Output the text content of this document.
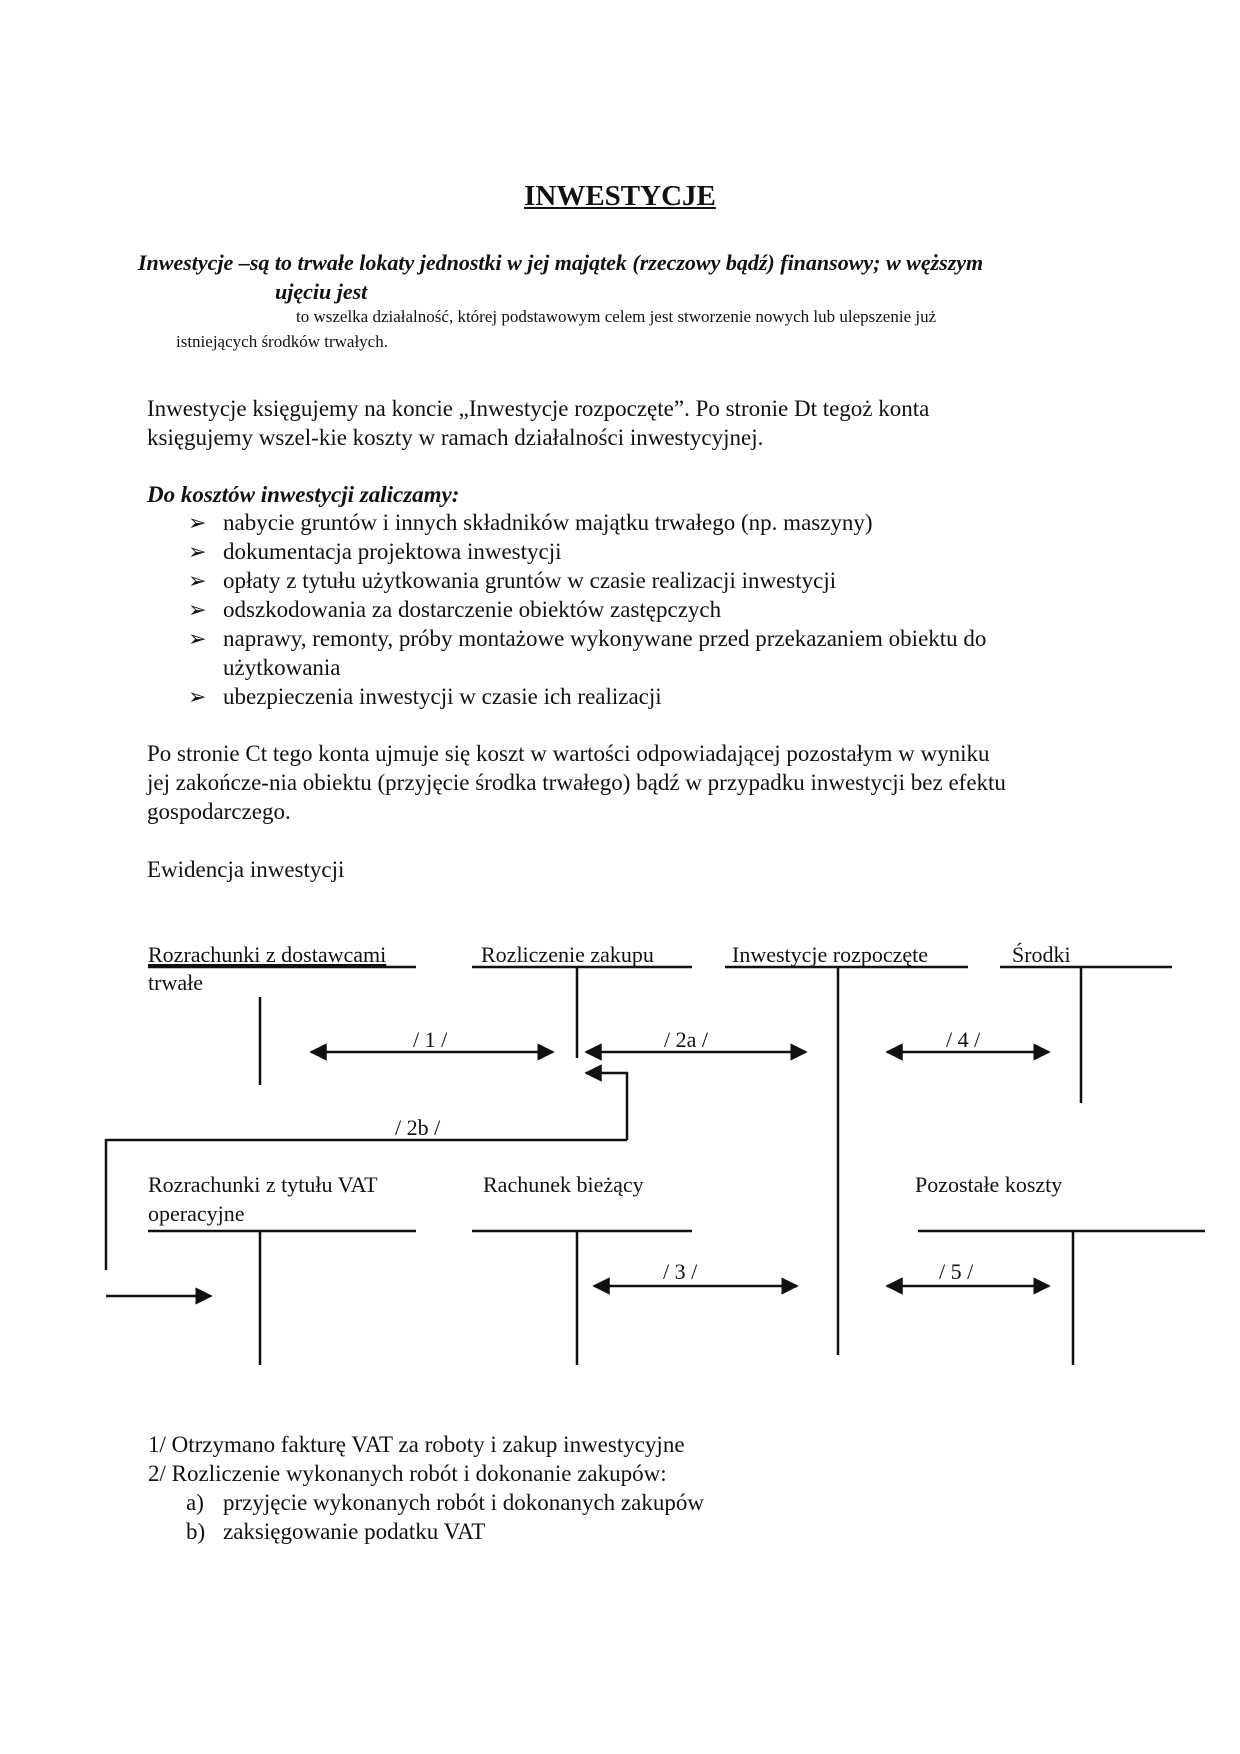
INWESTYCJE
Inwestycje –są to trwałe lokaty jednostki w jej majątek (rzeczowy bądź) finansowy; w węższym
ujęciu jest
to wszelka działalność, której podstawowym celem jest stworzenie nowych lub ulepszenie już
istniejących środków trwałych.
Inwestycje księgujemy na koncie „Inwestycje rozpoczęte”. Po stronie Dt tegoż konta
księgujemy wszel-kie koszty w ramach działalności inwestycyjnej.
Do kosztów inwestycji zaliczamy:
➢ nabycie gruntów i innych składników majątku trwałego (np. maszyny)
➢ dokumentacja projektowa inwestycji
➢ opłaty z tytułu użytkowania gruntów w czasie realizacji inwestycji
➢ odszkodowania za dostarczenie obiektów zastępczych
➢ naprawy, remonty, próby montażowe wykonywane przed przekazaniem obiektu do
użytkowania
➢ ubezpieczenia inwestycji w czasie ich realizacji
Po stronie Ct tego konta ujmuje się koszt w wartości odpowiadającej pozostałym w wyniku
jej zakończe-nia obiektu (przyjęcie środka trwałego) bądź w przypadku inwestycji bez efektu
gospodarczego.
Ewidencja inwestycji
Rozrachunki z dostawcami
trwałe
Rozliczenie zakupu	Inwestycje rozpoczęte	Środki
Rozrachunki z tytułu VAT
operacyjne
Rachunek bieżący	Pozostałe koszty
/ 1 /	/ 2a /	/ 4 /
/ 2b /
/ 3 /	/ 5 /
1/ Otrzymano fakturę VAT za roboty i zakup inwestycyjne
2/ Rozliczenie wykonanych robót i dokonanie zakupów:
a) przyjęcie wykonanych robót i dokonanych zakupów
b) zaksięgowanie podatku VAT
